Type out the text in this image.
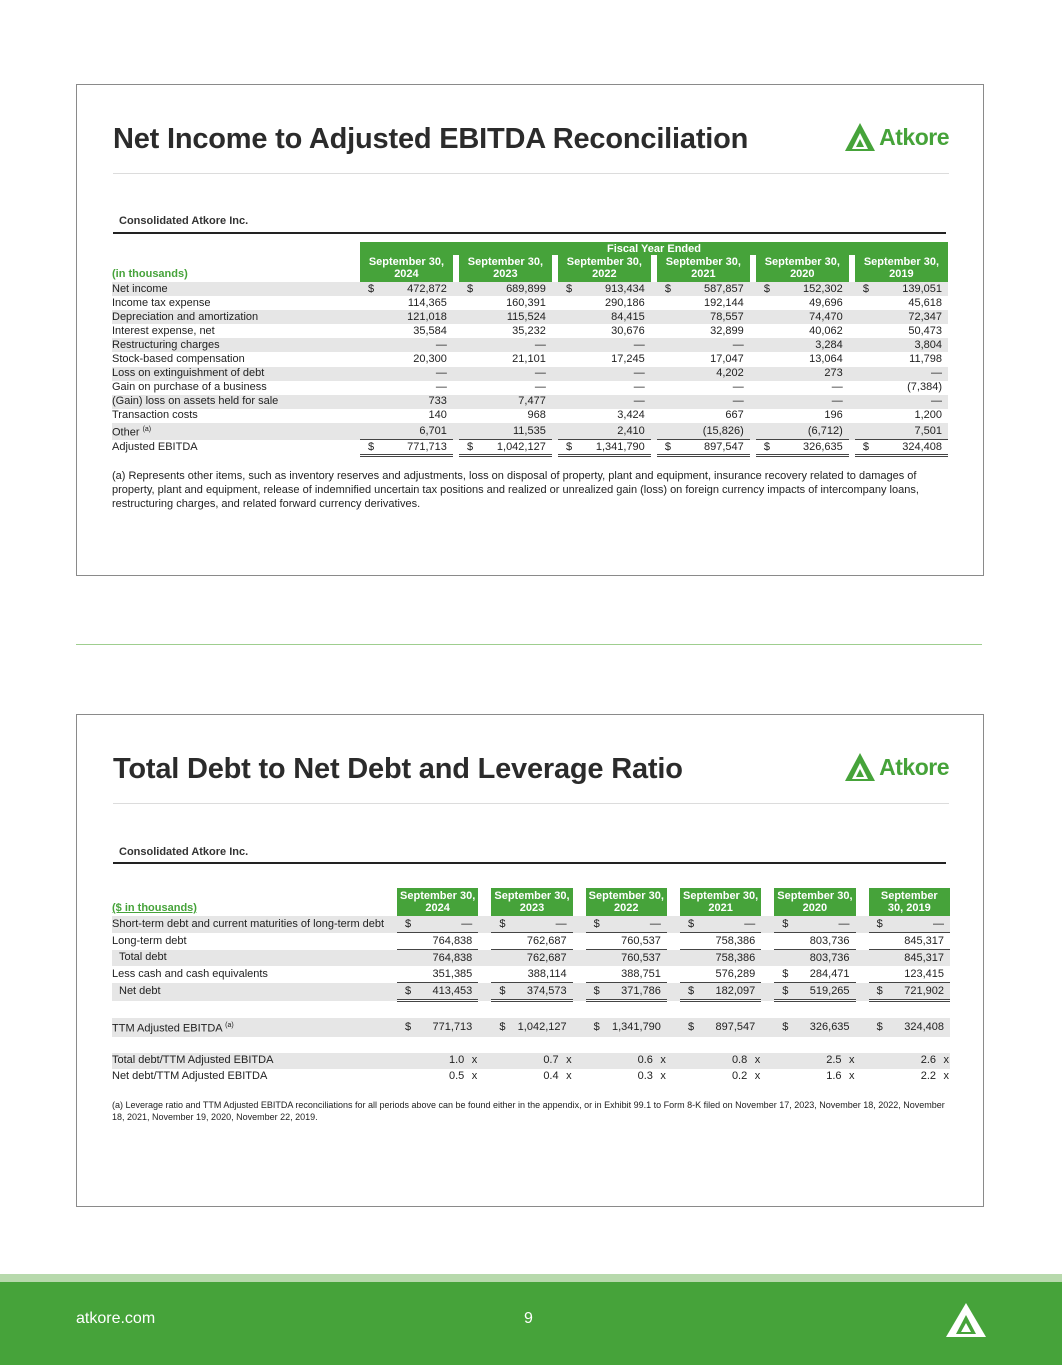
Net Income to Adjusted EBITDA Reconciliation	Atkore
Consolidated Atkore Inc.
	Fiscal Year Ended										
(in thousands)	September 30,
2024		September 30,
2023		September 30,
2022		September 30,
2021		September 30,
2020		September 30,
2019
Net income	$ 472,872		$ 689,899		$ 913,434		$ 587,857		$ 152,302		$ 139,051
Income tax expense	114,365		160,391		290,186		192,144		49,696		45,618
Depreciation and amortization	121,018		115,524		84,415		78,557		74,470		72,347
Interest expense, net	35,584		35,232		30,676		32,899		40,062		50,473
Restructuring charges	—		—		—		—		3,284		3,804
Stock-based compensation	20,300		21,101		17,245		17,047		13,064		11,798
Loss on extinguishment of debt	—		—		—		4,202		273		—
Gain on purchase of a business	—		—		—		—		—		(7,384)
(Gain) loss on assets held for sale	733		7,477		—		—		—		—
Transaction costs	140		968		3,424		667		196		1,200
Other $^{(a)}$	6,701		11,535		2,410		(15,826)		(6,712)		7,501
Adjusted EBITDA	$ 771,713		$ 1,042,127		$ 1,341,790		$ 897,547		$ 326,635		$ 324,408
(a) Represents other items, such as inventory reserves and adjustments, loss on disposal of property, plant and equipment, insurance recovery related to damages of property, plant and equipment, release of indemnified uncertain tax positions and realized or unrealized gain (loss) on foreign currency impacts of intercompany loans, restructuring charges, and related forward currency derivatives.
Total Debt to Net Debt and Leverage Ratio	Atkore
Consolidated Atkore Inc.
($ in thousands)	September 30,
2024		September 30,
2023		September 30,
2022		September 30,
2021		September 30,
2020		September
30, 2019
Short-term debt and current maturities of long-term debt	$ —		$ —		$ —		$ —		$ —		$ —
Long-term debt	764,838		762,687		760,537		758,386		803,736		845,317
Total debt	764,838		762,687		760,537		758,386		803,736		845,317
Less cash and cash equivalents	351,385		388,114		388,751		576,289		$ 284,471		123,415
Net debt	$ 413,453		$ 374,573		$ 371,786		$ 182,097		$ 519,265		$ 721,902

TTM Adjusted EBITDA $^{(a)}$	$ 771,713		$ 1,042,127		$ 1,341,790		$ 897,547		$ 326,635		$ 324,408

Total debt/TTM Adjusted EBITDA	1.0 x		0.7 x		0.6 x		0.8 x		2.5 x		2.6 x

Net debt/TTM Adjusted EBITDA	0.5 x		0.4 x		0.3 x		0.2 x		1.6 x		2.2 x
(a) Leverage ratio and TTM Adjusted EBITDA reconciliations for all periods above can be found either in the appendix, or in Exhibit 99.1 to Form 8-K filed on November 17, 2023, November 18, 2022, November 18, 2021, November 19, 2020, November 22, 2019.
atkore.com	9
